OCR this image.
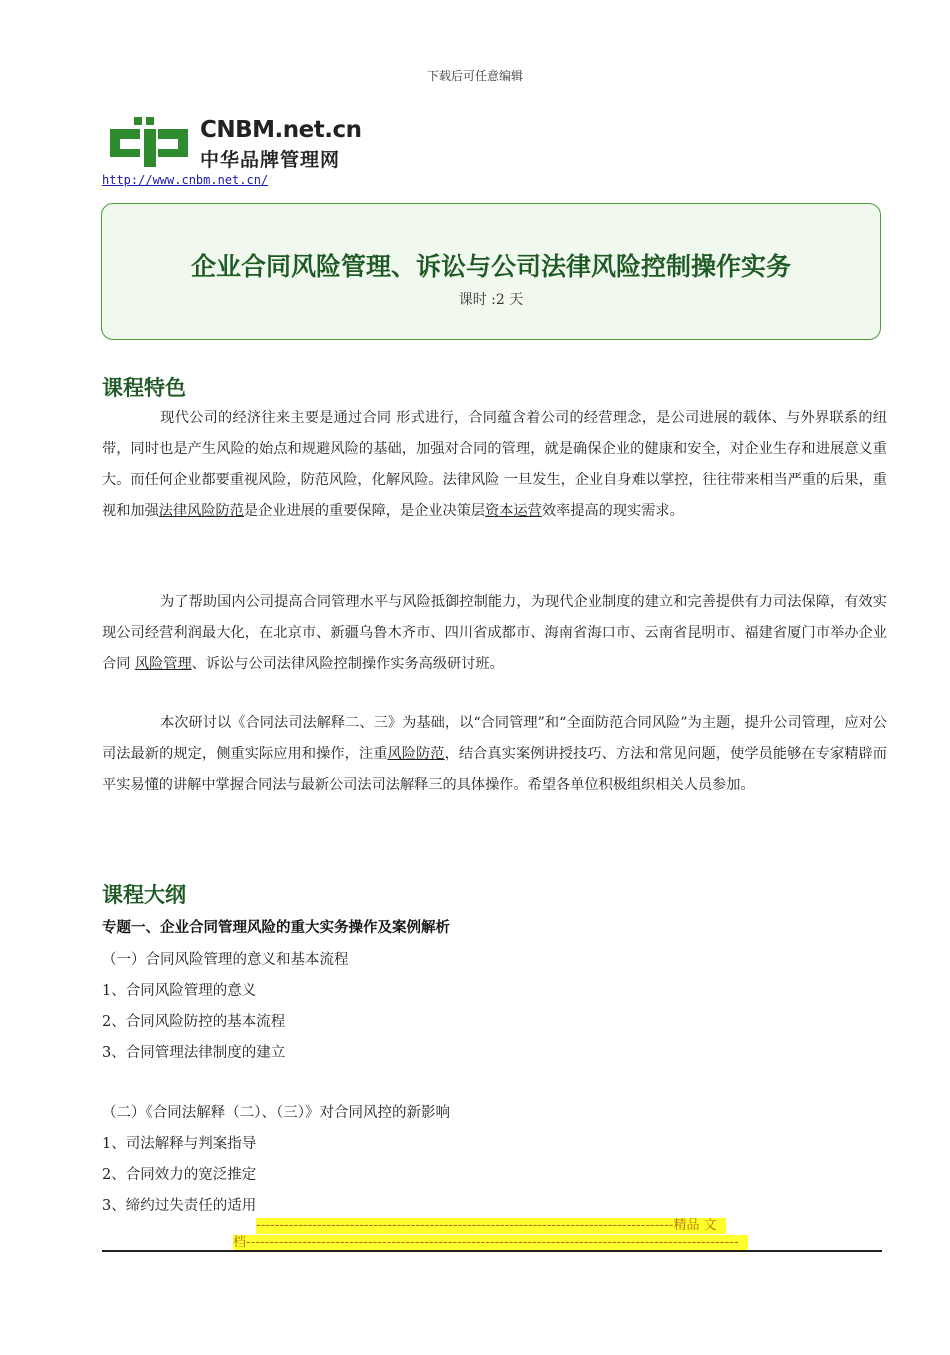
下载后可任意编辑
CNBM.net.cn
中华品牌管理网
http://www.cnbm.net.cn/
企业合同风险管理、诉讼与公司法律风险控制操作实务
课时 :2 天
课程特色

现代公司的经济往来主要是通过合同 形式进行，合同蕴含着公司的经营理念，是公司进展的载体、与外界联系的纽带，同时也是产生风险的始点和规避风险的基础，加强对合同的管理，就是确保企业的健康和安全，对企业生存和进展意义重大。而任何企业都要重视风险，防范风险，化解风险。法律风险 一旦发生，企业自身难以掌控，往往带来相当严重的后果，重视和加强法律风险防范是企业进展的重要保障，是企业决策层资本运营效率提高的现实需求。

为了帮助国内公司提高合同管理水平与风险抵御控制能力，为现代企业制度的建立和完善提供有力司法保障，有效实现公司经营利润最大化，在北京市、新疆乌鲁木齐市、四川省成都市、海南省海口市、云南省昆明市、福建省厦门市举办企业合同 风险管理、诉讼与公司法律风险控制操作实务高级研讨班。

本次研讨以《合同法司法解释二、三》为基础，以“合同管理”和“全面防范合同风险”为主题，提升公司管理，应对公司法最新的规定，侧重实际应用和操作，注重风险防范，结合真实案例讲授技巧、方法和常见问题，使学员能够在专家精辟而平实易懂的讲解中掌握合同法与最新公司法司法解释三的具体操作。希望各单位积极组织相关人员参加。

课程大纲

专题一、企业合同管理风险的重大实务操作及案例解析

（一）合同风险管理的意义和基本流程

1、合同风险管理的意义

2、合同风险防控的基本流程

3、合同管理法律制度的建立

（二）《合同法解释（二）、（三）》对合同风控的新影响

1、司法解释与判案指导

2、合同效力的宽泛推定

3、缔约过失责任的适用

-----------------------------------------------------------------------------------------精品 文
档---------------------------------------------------------------------------------------------------------
